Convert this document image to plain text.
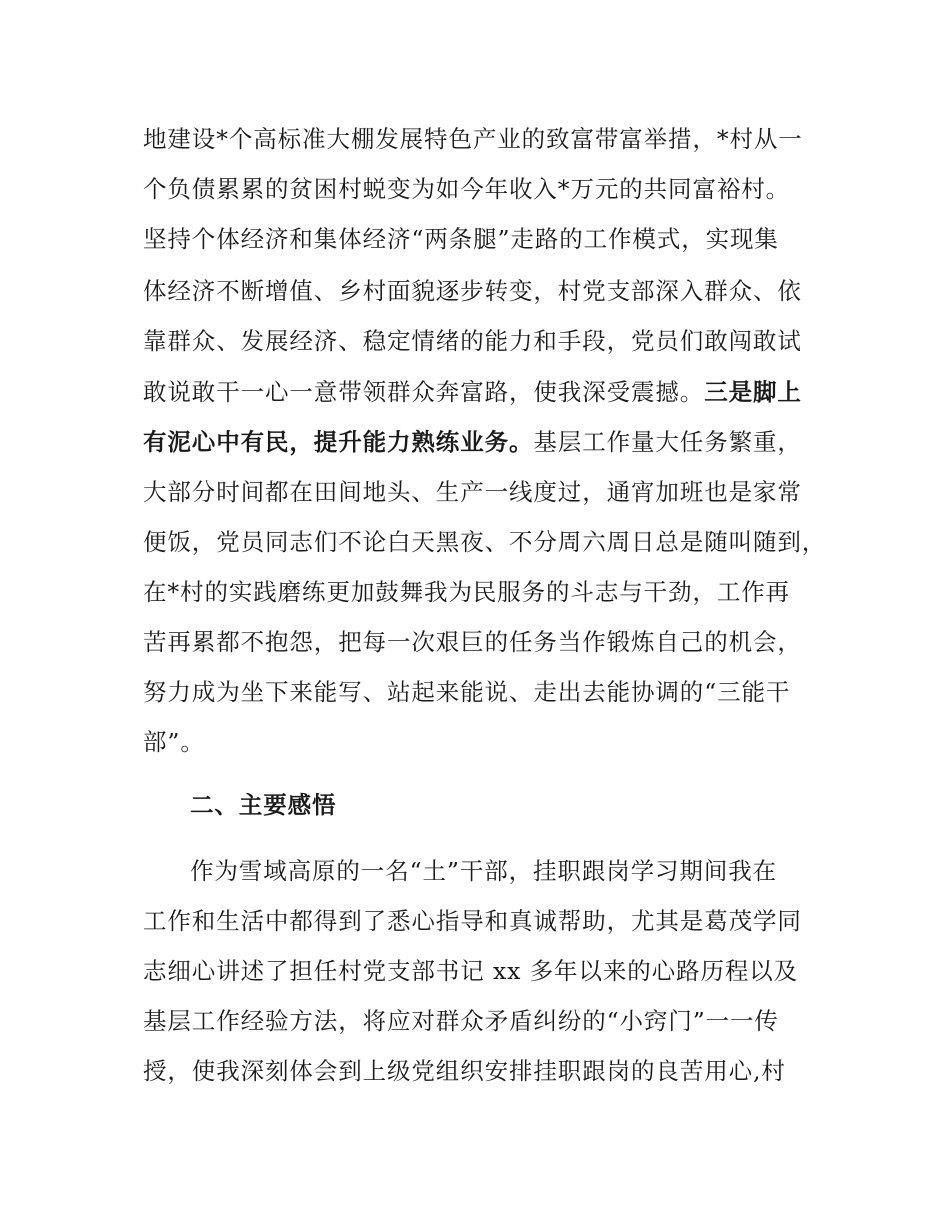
地建设*个高标准大棚发展特色产业的致富带富举措，*村从一
个负债累累的贫困村蜕变为如今年收入*万元的共同富裕村。
坚持个体经济和集体经济“两条腿”走路的工作模式，实现集
体经济不断增值、乡村面貌逐步转变，村党支部深入群众、依
靠群众、发展经济、稳定情绪的能力和手段，党员们敢闯敢试
敢说敢干一心一意带领群众奔富路，使我深受震撼。三是脚上
有泥心中有民，提升能力熟练业务。基层工作量大任务繁重，
大部分时间都在田间地头、生产一线度过，通宵加班也是家常
便饭，党员同志们不论白天黑夜、不分周六周日总是随叫随到，
在*村的实践磨练更加鼓舞我为民服务的斗志与干劲，工作再
苦再累都不抱怨，把每一次艰巨的任务当作锻炼自己的机会，
努力成为坐下来能写、站起来能说、走出去能协调的“三能干
部”。
二、主要感悟
作为雪域高原的一名“土”干部，挂职跟岗学习期间我在
工作和生活中都得到了悉心指导和真诚帮助，尤其是葛茂学同
志细心讲述了担任村党支部书记 xx 多年以来的心路历程以及
基层工作经验方法，将应对群众矛盾纠纷的“小窍门”一一传
授，使我深刻体会到上级党组织安排挂职跟岗的良苦用心,村
